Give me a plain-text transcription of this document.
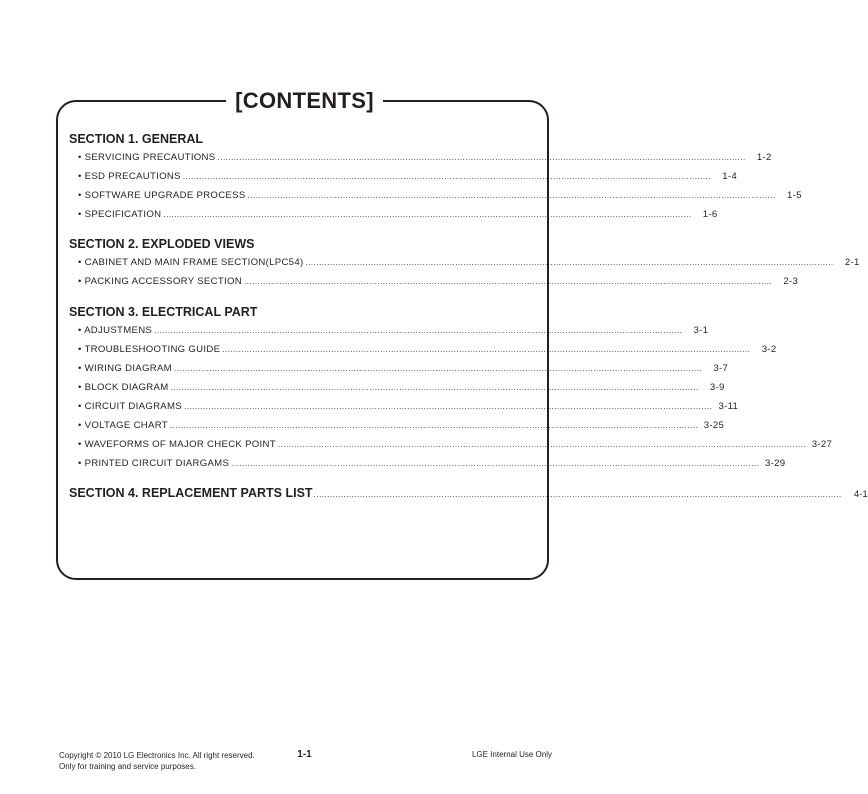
[CONTENTS]
SECTION 1. GENERAL
• SERVICING PRECAUTIONS ..................................................................................................................................................................................................	1-2
• ESD PRECAUTIONS ..................................................................................................................................................................................................	1-4
• SOFTWARE UPGRADE PROCESS ..................................................................................................................................................................................................	1-5
• SPECIFICATION ..................................................................................................................................................................................................	1-6
SECTION 2. EXPLODED VIEWS
• CABINET AND MAIN FRAME SECTION(LPC54) ..................................................................................................................................................................................................	2-1
• PACKING ACCESSORY SECTION ..................................................................................................................................................................................................	2-3
SECTION 3. ELECTRICAL PART
• ADJUSTMENS ..................................................................................................................................................................................................	3-1
• TROUBLESHOOTING GUIDE ..................................................................................................................................................................................................	3-2
• WIRING DIAGRAM ..................................................................................................................................................................................................	3-7
• BLOCK DIAGRAM ..................................................................................................................................................................................................	3-9
• CIRCUIT DIAGRAMS .................................................................................................................................................................................................. 3-11
• VOLTAGE CHART .................................................................................................................................................................................................. 3-25
• WAVEFORMS OF MAJOR CHECK POINT .................................................................................................................................................................................................. 3-27
• PRINTED CIRCUIT DIARGAMS .................................................................................................................................................................................................. 3-29
SECTION 4. REPLACEMENT PARTS LIST ..................................................................................................................................................................................................	4-1
Copyright © 2010 LG Electronics Inc. All right reserved.
Only for training and service purposes.
1-1	LGE Internal Use Only
